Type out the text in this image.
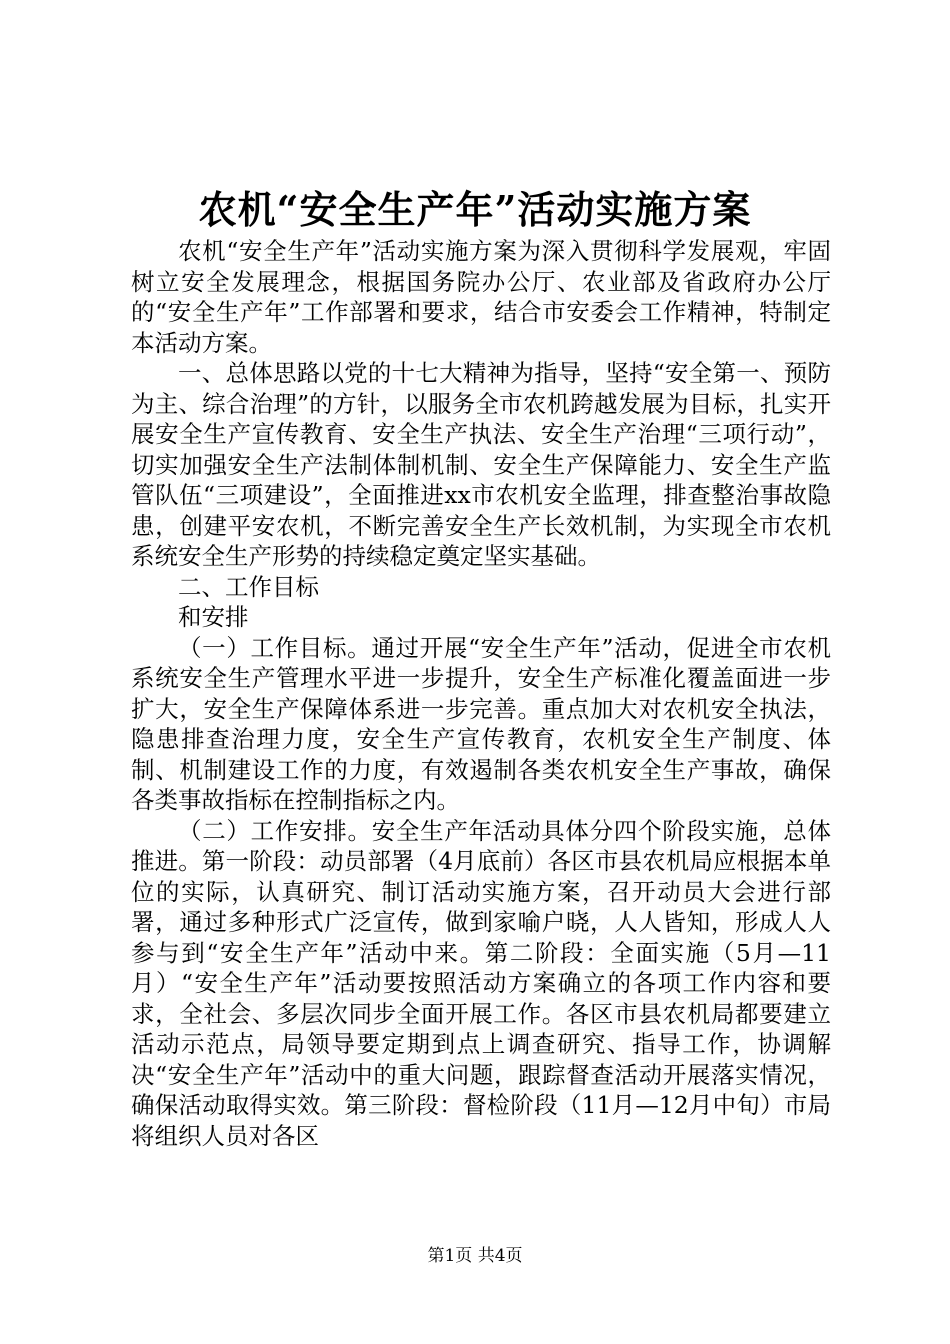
农机“安全生产年”活动实施方案

农机“安全生产年”活动实施方案为深入贯彻科学发展观，牢固树立安全发展理念，根据国务院办公厅、农业部及省政府办公厅的“安全生产年”工作部署和要求，结合市安委会工作精神，特制定本活动方案。

一、总体思路以党的十七大精神为指导，坚持“安全第一、预防为主、综合治理”的方针，以服务全市农机跨越发展为目标，扎实开展安全生产宣传教育、安全生产执法、安全生产治理“三项行动”，切实加强安全生产法制体制机制、安全生产保障能力、安全生产监管队伍“三项建设”，全面推进xx市农机安全监理，排查整治事故隐患，创建平安农机，不断完善安全生产长效机制，为实现全市农机系统安全生产形势的持续稳定奠定坚实基础。

二、工作目标

和安排

（一）工作目标。通过开展“安全生产年”活动，促进全市农机系统安全生产管理水平进一步提升，安全生产标准化覆盖面进一步扩大，安全生产保障体系进一步完善。重点加大对农机安全执法，隐患排查治理力度，安全生产宣传教育，农机安全生产制度、体制、机制建设工作的力度，有效遏制各类农机安全生产事故，确保各类事故指标在控制指标之内。

（二）工作安排。安全生产年活动具体分四个阶段实施，总体推进。第一阶段：动员部署（4月底前）各区市县农机局应根据本单位的实际，认真研究、制订活动实施方案，召开动员大会进行部署，通过多种形式广泛宣传，做到家喻户晓，人人皆知，形成人人参与到“安全生产年”活动中来。第二阶段：全面实施（5月—11月）“安全生产年”活动要按照活动方案确立的各项工作内容和要求，全社会、多层次同步全面开展工作。各区市县农机局都要建立活动示范点，局领导要定期到点上调查研究、指导工作，协调解决“安全生产年”活动中的重大问题，跟踪督查活动开展落实情况，确保活动取得实效。第三阶段：督检阶段（11月—12月中旬）市局将组织人员对各区

第1页 共4页
